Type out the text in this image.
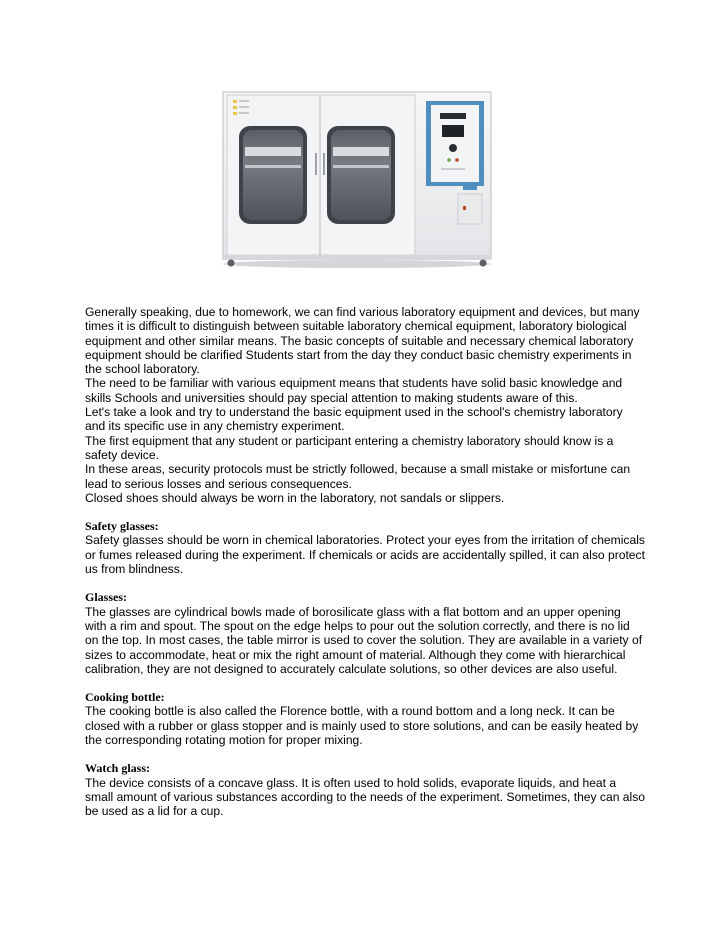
Generally speaking, due to homework, we can find various laboratory equipment and devices, but many times it is difficult to distinguish between suitable laboratory chemical equipment, laboratory biological equipment and other similar means. The basic concepts of suitable and necessary chemical laboratory equipment should be clarified Students start from the day they conduct basic chemistry experiments in the school laboratory.

The need to be familiar with various equipment means that students have solid basic knowledge and skills Schools and universities should pay special attention to making students aware of this.

Let's take a look and try to understand the basic equipment used in the school's chemistry laboratory and its specific use in any chemistry experiment.

The first equipment that any student or participant entering a chemistry laboratory should know is a safety device.

In these areas, security protocols must be strictly followed, because a small mistake or misfortune can lead to serious losses and serious consequences.

Closed shoes should always be worn in the laboratory, not sandals or slippers.

Safety glasses:

Safety glasses should be worn in chemical laboratories. Protect your eyes from the irritation of chemicals or fumes released during the experiment. If chemicals or acids are accidentally spilled, it can also protect us from blindness.

Glasses:

The glasses are cylindrical bowls made of borosilicate glass with a flat bottom and an upper opening with a rim and spout. The spout on the edge helps to pour out the solution correctly, and there is no lid on the top. In most cases, the table mirror is used to cover the solution. They are available in a variety of sizes to accommodate, heat or mix the right amount of material. Although they come with hierarchical calibration, they are not designed to accurately calculate solutions, so other devices are also useful.

Cooking bottle:

The cooking bottle is also called the Florence bottle, with a round bottom and a long neck. It can be closed with a rubber or glass stopper and is mainly used to store solutions, and can be easily heated by the corresponding rotating motion for proper mixing.

Watch glass:

The device consists of a concave glass. It is often used to hold solids, evaporate liquids, and heat a small amount of various substances according to the needs of the experiment. Sometimes, they can also be used as a lid for a cup.
